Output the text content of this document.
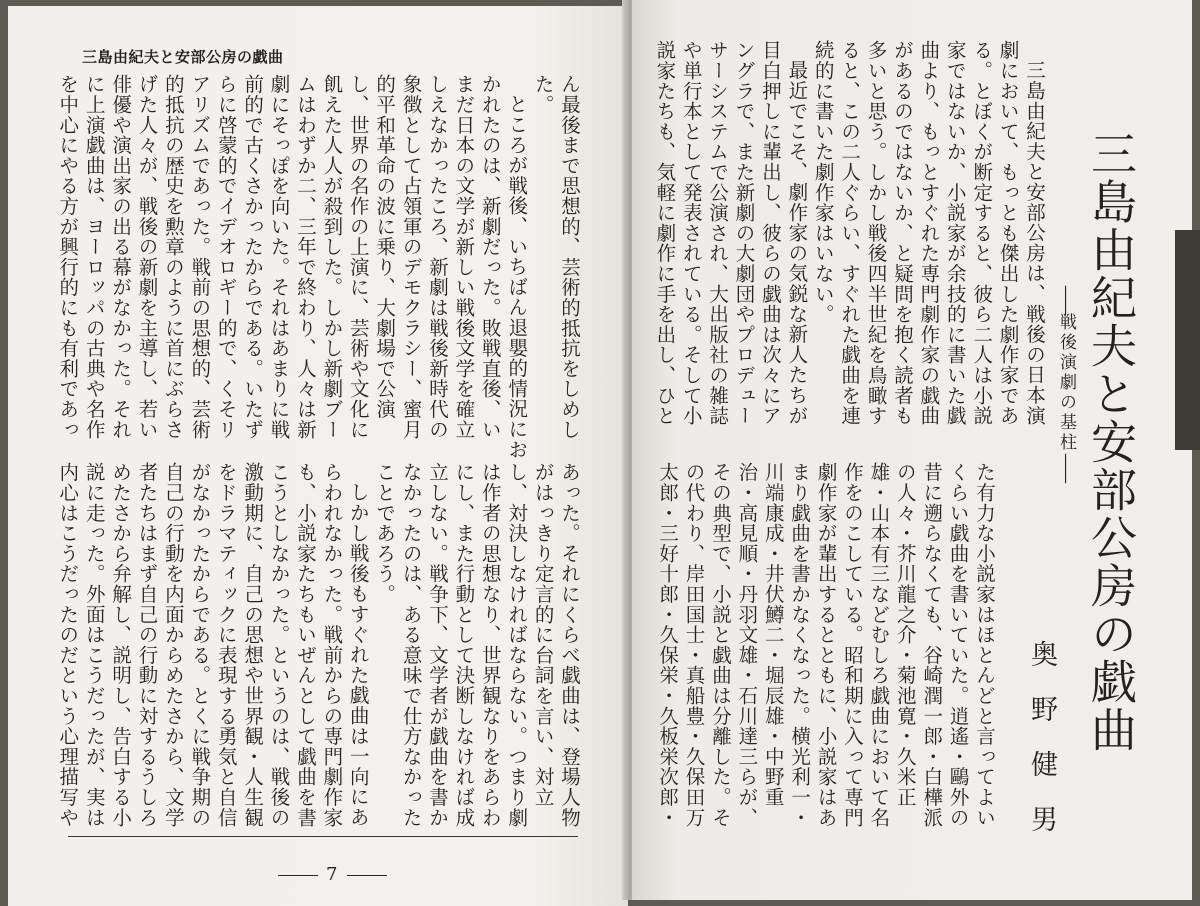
三島由紀夫と安部公房の戯曲

ん最後まで思想的、芸術的抵抗をしめした。

ところが戦後、いちばん退嬰的情況におかれたのは、新劇だった。敗戦直後、いまだ日本の文学が新しい戦後文学を確立しえなかったころ、新劇は戦後新時代の象徴として占領軍のデモクラシー、蜜月的平和革命の波に乗り、大劇場で公演し、世界の名作の上演に、芸術や文化に飢えた人人が殺到した。しかし新劇ブームはわずか二、三年で終わり、人々は新劇にそっぽを向いた。それはあまりに戦前的で古くさかったからである。いたずらに啓蒙的でイデオロギー的で、くそリアリズムであった。戦前の思想的、芸術的抵抗の歴史を勲章のように首にぶらさげた人々が、戦後の新劇を主導し、若い俳優や演出家の出る幕がなかった。それに上演戯曲は、ヨーロッパの古典や名作を中心にやる方が興行的にも有利であっ

あった。それにくらべ戯曲は、登場人物がはっきり定言的に台詞を言い、対立し、対決しなければならない。つまり劇は作者の思想なり、世界観なりをあらわにし、また行動として決断しなければ成立しない。戦争下、文学者が戯曲を書かなかったのは、ある意味で仕方なかったことであろう。

しかし戦後もすぐれた戯曲は一向にあらわれなかった。戦前からの専門劇作家も、小説家たちもいぜんとして戯曲を書こうとしなかった。というのは、戦後の激動期に、自己の思想や世界観・人生観をドラマティックに表現する勇気と自信がなかったからである。とくに戦争期の自己の行動を内面からめたさから、文学者たちはまず自己の行動に対するうしろめたさから弁解し、説明し、告白する小説に走った。外面はこうだったが、実は内心はこうだったのだという心理描写や

7

三島由紀夫と安部公房は、戦後の日本演劇において、もっとも傑出した劇作家である。とぼくが断定すると、彼ら二人は小説家ではないか、小説家が余技的に書いた戯曲より、もっとすぐれた専門劇作家の戯曲があるのではないか、と疑問を抱く読者も多いと思う。しかし戦後四半世紀を鳥瞰すると、この二人ぐらい、すぐれた戯曲を連続的に書いた劇作家はいない。

最近でこそ、劇作家の気鋭な新人たちが目白押しに輩出し、彼らの戯曲は次々にアングラで、また新劇の大劇団やプロデューサーシステムで公演され、大出版社の雑誌や単行本として発表されている。そして小説家たちも、気軽に劇作に手を出し、ひと

た有力な小説家はほとんどと言ってよいくらい戯曲を書いていた。逍遙・鷗外の昔に遡らなくても、谷崎潤一郎・白樺派の人々・芥川龍之介・菊池寛・久米正雄・山本有三などむしろ戯曲において名作をのこしている。昭和期に入って専門劇作家が輩出するとともに、小説家はあまり戯曲を書かなくなった。横光利一・川端康成・井伏鱒二・堀辰雄・中野重治・高見順・丹羽文雄・石川達三らが、その典型で、小説と戯曲は分離した。その代わり、岸田国士・真船豊・久保田万太郎・三好十郎・久保栄・久板栄次郎・

三島由紀夫と安部公房の戯曲
——戦後演劇の基柱——
奥野健男
